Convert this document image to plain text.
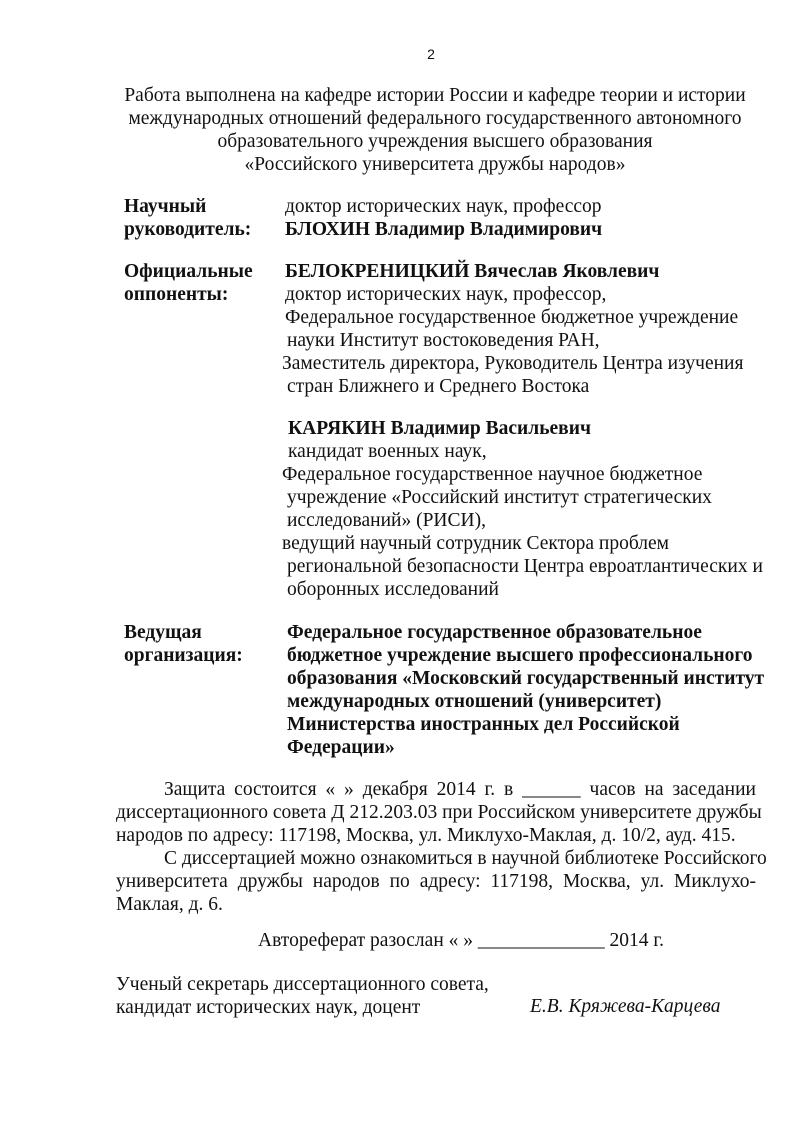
2
Работа выполнена на кафедре истории России и кафедре теории и истории
международных отношений федерального государственного автономного
образовательного учреждения высшего образования
«Российского университета дружбы народов»
Научный
руководитель:
доктор исторических наук, профессор
БЛОХИН Владимир Владимирович
Официальные
оппоненты:
БЕЛОКРЕНИЦКИЙ Вячеслав Яковлевич
доктор исторических наук, профессор,
Федеральное государственное бюджетное учреждение
науки Институт востоковедения РАН,
Заместитель директора, Руководитель Центра изучения
стран Ближнего и Среднего Востока
КАРЯКИН Владимир Васильевич
кандидат военных наук,
Федеральное государственное научное бюджетное
учреждение «Российский институт стратегических
исследований» (РИСИ),
ведущий научный сотрудник Сектора проблем
региональной безопасности Центра евроатлантических и
оборонных исследований
Ведущая
организация:
Федеральное государственное образовательное
бюджетное учреждение высшего профессионального
образования «Московский государственный институт
международных отношений (университет)
Министерства иностранных дел Российской
Федерации»
Защита состоится « » декабря 2014 г. в ______ часов на заседании
диссертационного совета Д 212.203.03 при Российском университете дружбы
народов по адресу: 117198, Москва, ул. Миклухо-Маклая, д. 10/2, ауд. 415.
С диссертацией можно ознакомиться в научной библиотеке Российского
университета дружбы народов по адресу: 117198, Москва, ул. Миклухо-
Маклая, д. 6.
Автореферат разослан « » _____________ 2014 г.
Ученый секретарь диссертационного совета,
кандидат исторических наук, доцент	Е.В. Кряжева-Карцева
